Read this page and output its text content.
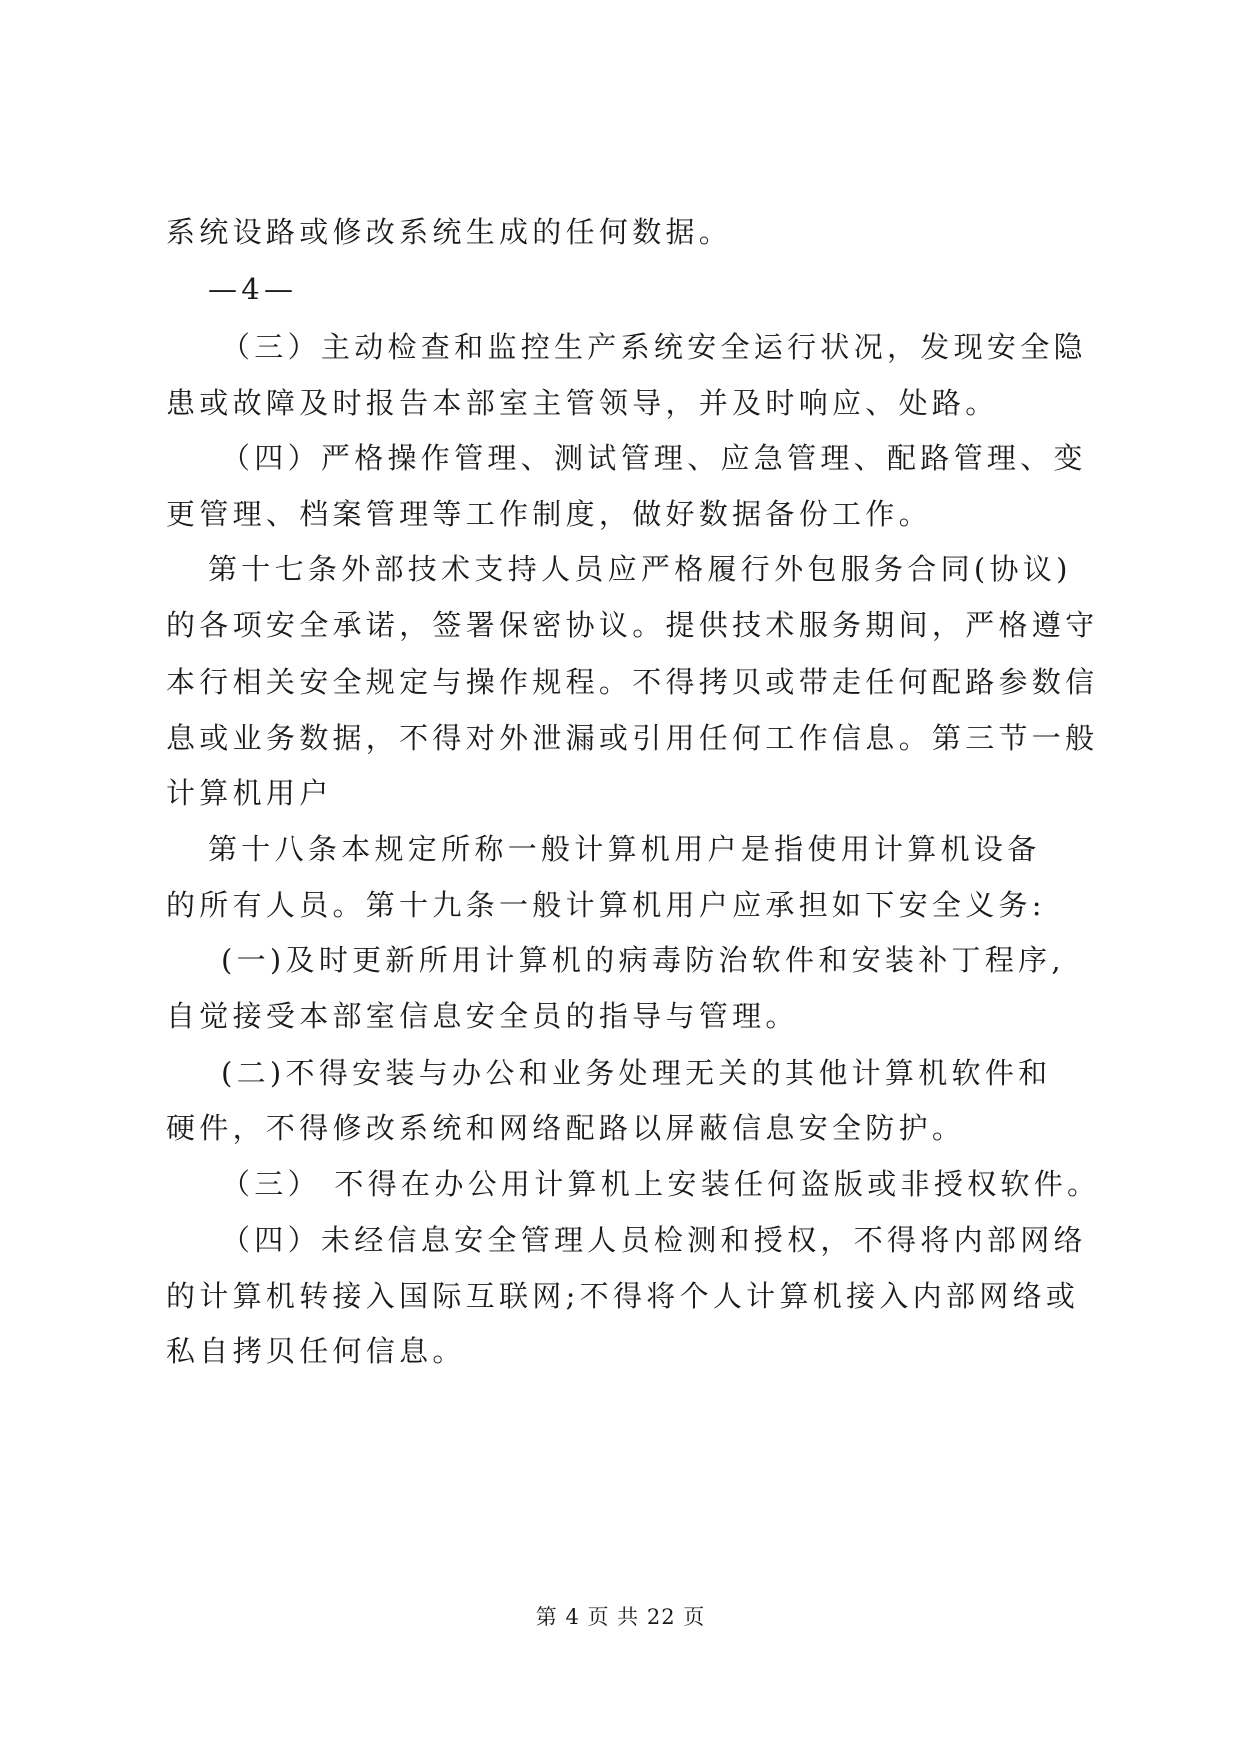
系统设路或修改系统生成的任何数据。
—4—
（三）主动检查和监控生产系统安全运行状况，发现安全隐
患或故障及时报告本部室主管领导，并及时响应、处路。
（四）严格操作管理、测试管理、应急管理、配路管理、变
更管理、档案管理等工作制度，做好数据备份工作。
第十七条外部技术支持人员应严格履行外包服务合同(协议)
的各项安全承诺，签署保密协议。提供技术服务期间，严格遵守
本行相关安全规定与操作规程。不得拷贝或带走任何配路参数信
息或业务数据，不得对外泄漏或引用任何工作信息。第三节一般
计算机用户
第十八条本规定所称一般计算机用户是指使用计算机设备
的所有人员。第十九条一般计算机用户应承担如下安全义务:
(一)及时更新所用计算机的病毒防治软件和安装补丁程序,
自觉接受本部室信息安全员的指导与管理。
(二)不得安装与办公和业务处理无关的其他计算机软件和
硬件，不得修改系统和网络配路以屏蔽信息安全防护。
（三） 不得在办公用计算机上安装任何盗版或非授权软件。
（四）未经信息安全管理人员检测和授权，不得将内部网络
的计算机转接入国际互联网;不得将个人计算机接入内部网络或
私自拷贝任何信息。
第 4 页 共 22 页
